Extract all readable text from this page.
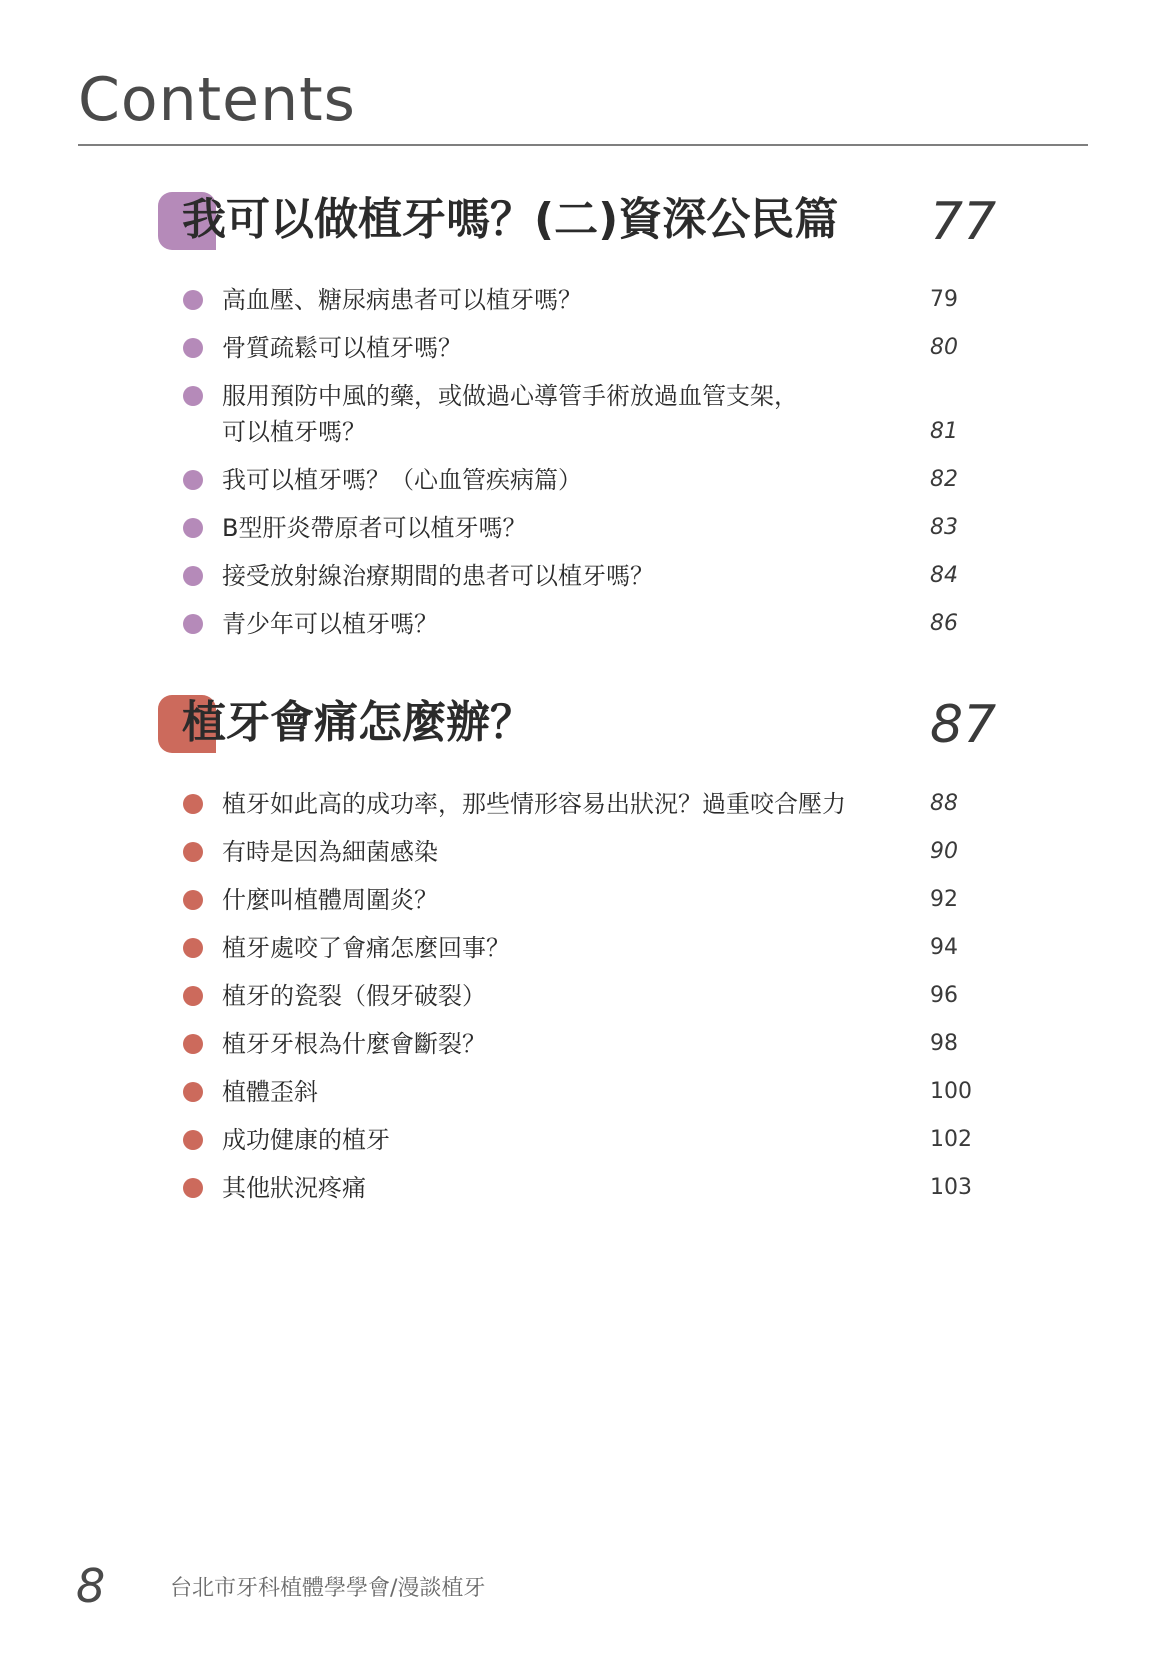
Contents
我可以做植牙嗎？(二)資深公民篇 77
高血壓、糖尿病患者可以植牙嗎？	79
骨質疏鬆可以植牙嗎？	80
服用預防中風的藥，或做過心導管手術放過血管支架，
可以植牙嗎？	81
我可以植牙嗎？（心血管疾病篇）	82
B型肝炎帶原者可以植牙嗎？	83
接受放射線治療期間的患者可以植牙嗎？	84
青少年可以植牙嗎？	86
植牙會痛怎麼辦？	87
植牙如此高的成功率，那些情形容易出狀況？過重咬合壓力	88
有時是因為細菌感染	90
什麼叫植體周圍炎？	92
植牙處咬了會痛怎麼回事？	94
植牙的瓷裂（假牙破裂）	96
植牙牙根為什麼會斷裂？	98
植體歪斜	100
成功健康的植牙	102
其他狀況疼痛	103
8	台北市牙科植體學學會/漫談植牙
